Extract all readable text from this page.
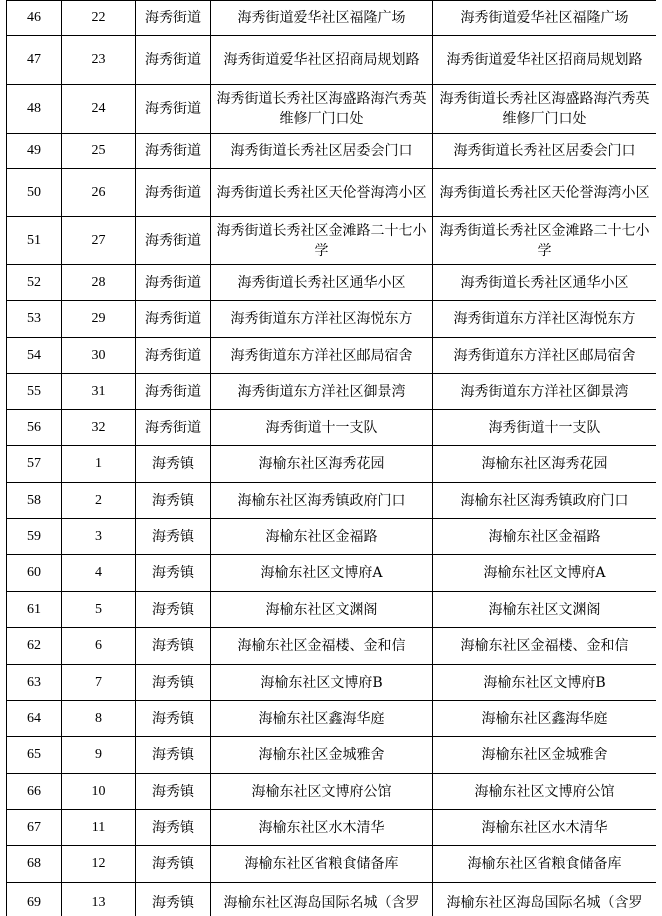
46	22	海秀街道	海秀街道爱华社区福隆广场	海秀街道爱华社区福隆广场
47	23	海秀街道	海秀街道爱华社区招商局规划路	海秀街道爱华社区招商局规划路
48	24	海秀街道	海秀街道长秀社区海盛路海汽秀英维修厂门口处	海秀街道长秀社区海盛路海汽秀英维修厂门口处
49	25	海秀街道	海秀街道长秀社区居委会门口	海秀街道长秀社区居委会门口
50	26	海秀街道	海秀街道长秀社区天伦誉海湾小区	海秀街道长秀社区天伦誉海湾小区
51	27	海秀街道	海秀街道长秀社区金滩路二十七小学	海秀街道长秀社区金滩路二十七小学
52	28	海秀街道	海秀街道长秀社区通华小区	海秀街道长秀社区通华小区
53	29	海秀街道	海秀街道东方洋社区海悦东方	海秀街道东方洋社区海悦东方
54	30	海秀街道	海秀街道东方洋社区邮局宿舍	海秀街道东方洋社区邮局宿舍
55	31	海秀街道	海秀街道东方洋社区御景湾	海秀街道东方洋社区御景湾
56	32	海秀街道	海秀街道十一支队	海秀街道十一支队
57	1	海秀镇	海榆东社区海秀花园	海榆东社区海秀花园
58	2	海秀镇	海榆东社区海秀镇政府门口	海榆东社区海秀镇政府门口
59	3	海秀镇	海榆东社区金福路	海榆东社区金福路
60	4	海秀镇	海榆东社区文博府A	海榆东社区文博府A
61	5	海秀镇	海榆东社区文渊阁	海榆东社区文渊阁
62	6	海秀镇	海榆东社区金福楼、金和信	海榆东社区金福楼、金和信
63	7	海秀镇	海榆东社区文博府B	海榆东社区文博府B
64	8	海秀镇	海榆东社区鑫海华庭	海榆东社区鑫海华庭
65	9	海秀镇	海榆东社区金城雅舍	海榆东社区金城雅舍
66	10	海秀镇	海榆东社区文博府公馆	海榆东社区文博府公馆
67	11	海秀镇	海榆东社区水木清华	海榆东社区水木清华
68	12	海秀镇	海榆东社区省粮食储备库	海榆东社区省粮食储备库
69	13	海秀镇	海榆东社区海岛国际名城（含罗	海榆东社区海岛国际名城（含罗
